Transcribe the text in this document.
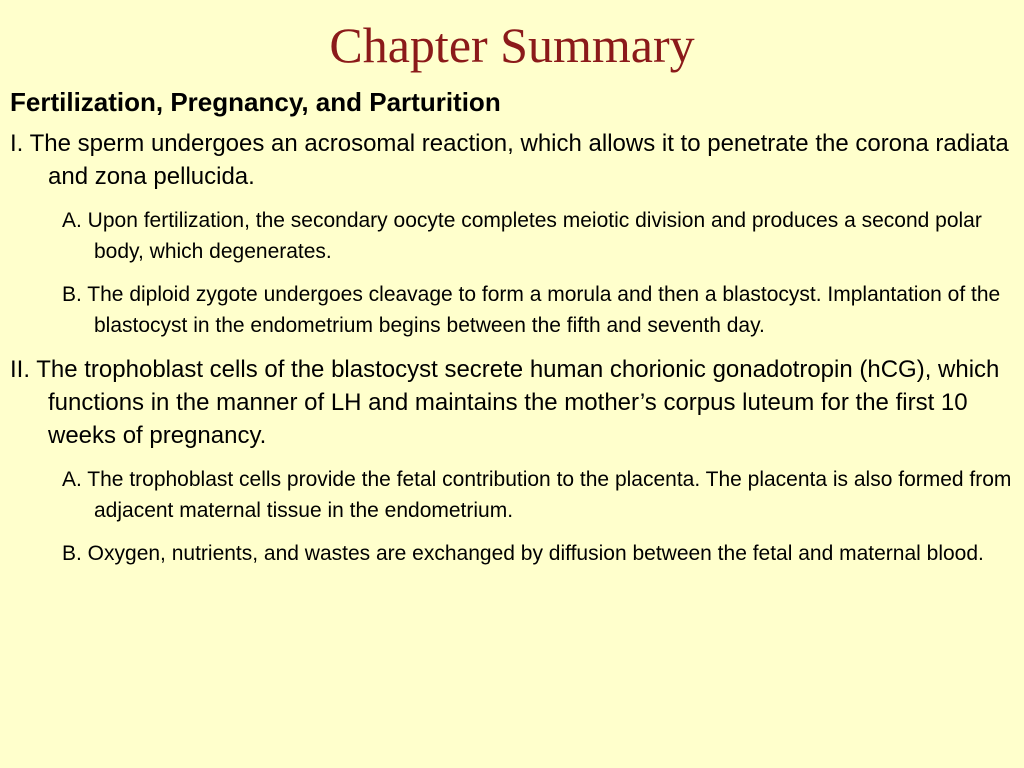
Chapter Summary
Fertilization, Pregnancy, and Parturition
I. The sperm undergoes an acrosomal reaction, which allows it to penetrate the corona radiata and zona pellucida.
A. Upon fertilization, the secondary oocyte completes meiotic division and produces a second polar body, which degenerates.
B. The diploid zygote undergoes cleavage to form a morula and then a blastocyst. Implantation of the blastocyst in the endometrium begins between the fifth and seventh day.
II. The trophoblast cells of the blastocyst secrete human chorionic gonadotropin (hCG), which functions in the manner of LH and maintains the mother’s corpus luteum for the first 10 weeks of pregnancy.
A. The trophoblast cells provide the fetal contribution to the placenta. The placenta is also formed from adjacent maternal tissue in the endometrium.
B. Oxygen, nutrients, and wastes are exchanged by diffusion between the fetal and maternal blood.
